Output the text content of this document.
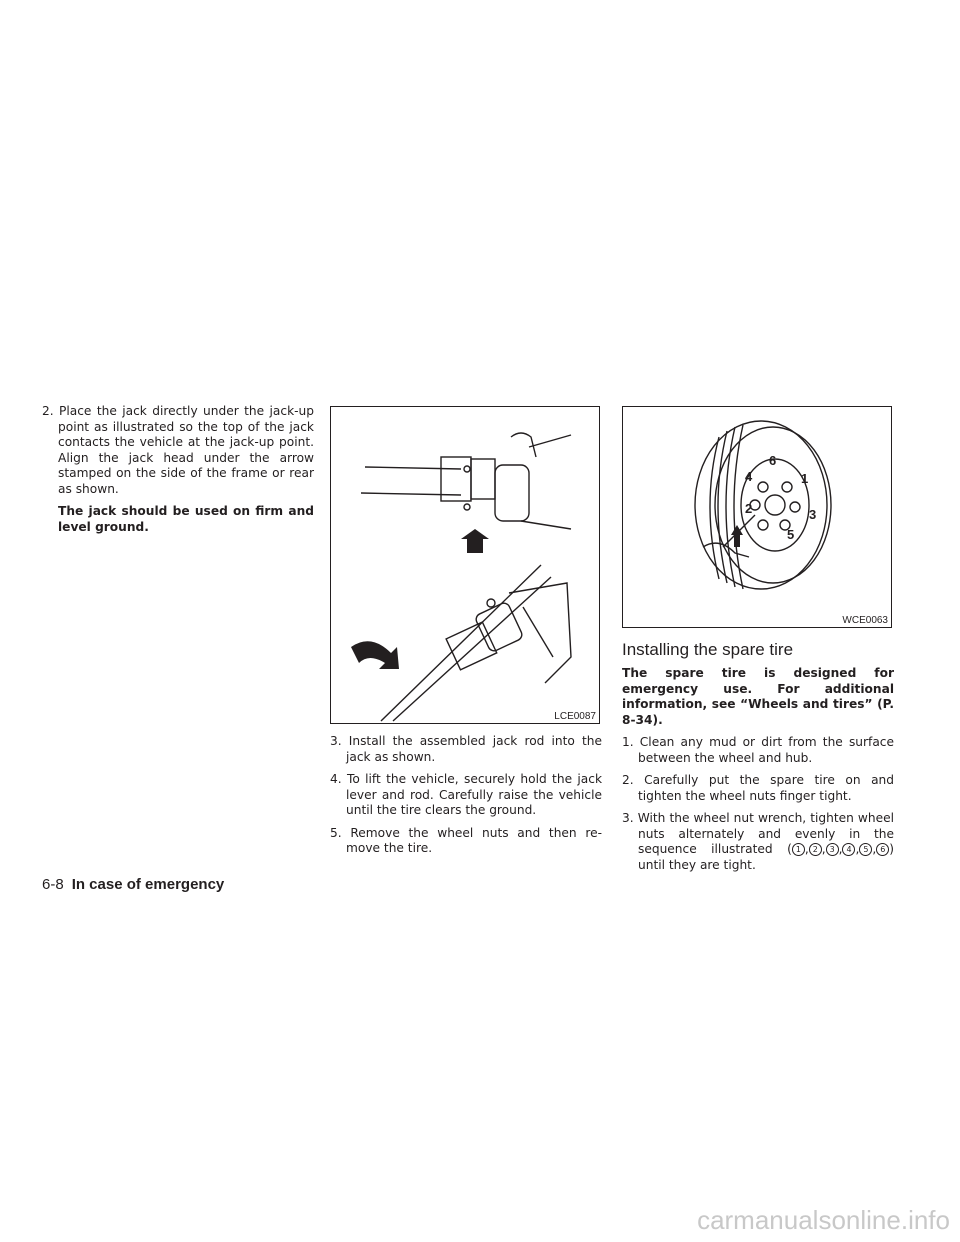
2. Place the jack directly under the jack-up point as illustrated so the top of the jack contacts the vehicle at the jack-up point. Align the jack head under the arrow stamped on the side of the frame or rear as shown.

The jack should be used on firm and level ground.

LCE0087

3. Install the assembled jack rod into the jack as shown.

4. To lift the vehicle, securely hold the jack lever and rod. Carefully raise the vehicle until the tire clears the ground.

5. Remove the wheel nuts and then re-move the tire.

6
1
4
3
2
5
WCE0063
Installing the spare tire

The spare tire is designed for emergency use. For additional information, see “Wheels and tires” (P. 8-34).

1. Clean any mud or dirt from the surface between the wheel and hub.

2. Carefully put the spare tire on and tighten the wheel nuts finger tight.

3. With the wheel nut wrench, tighten wheel nuts alternately and evenly in the sequence illustrated ( 1 , 2 , 3 , 4 , 5 , 6 ) until they are tight.

6-8 In case of emergency
carmanualsonline.info
